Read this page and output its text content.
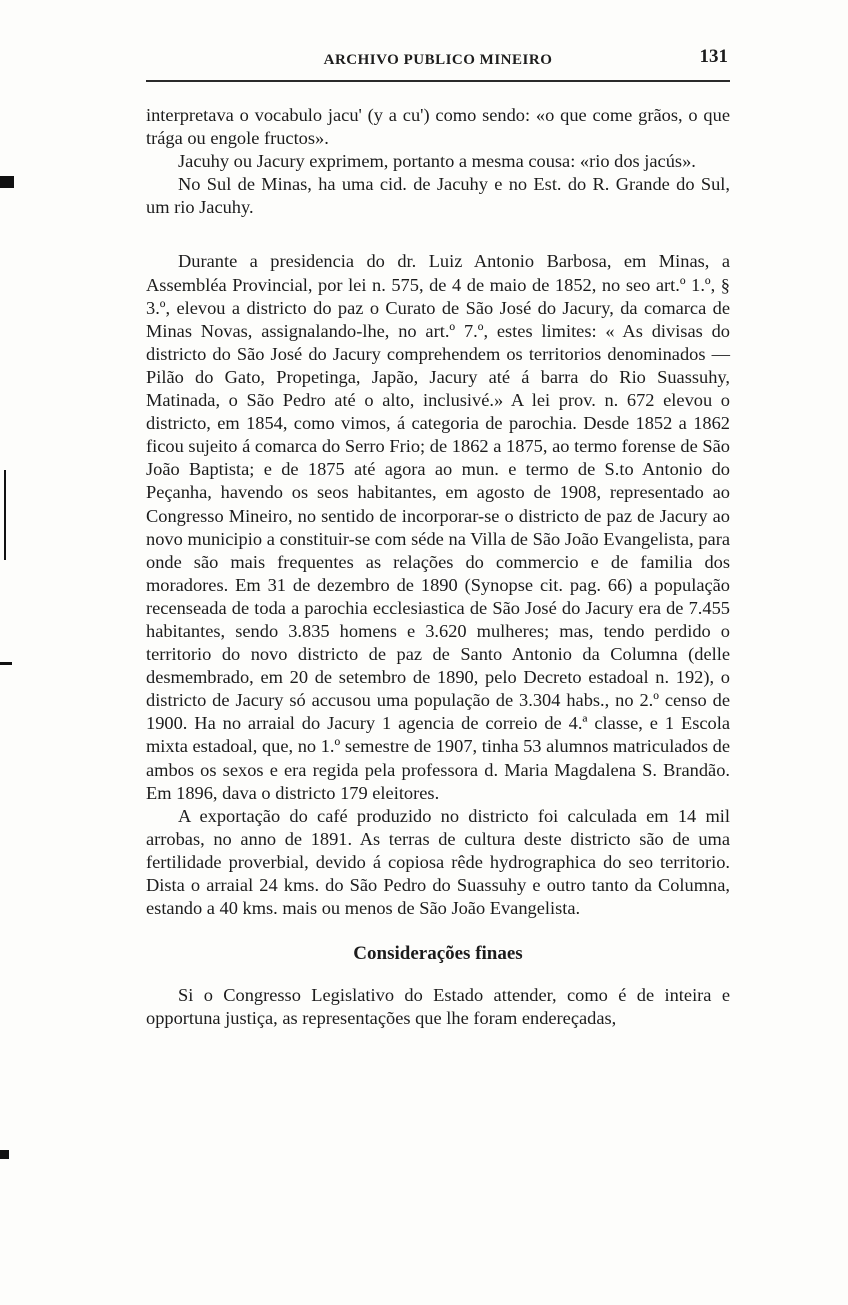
ARCHIVO PUBLICO MINEIRO	131

interpretava o vocabulo jacu' (y a cu') como sendo: «o que come grãos, o que trága ou engole fructos».

Jacuhy ou Jacury exprimem, portanto a mesma cousa: «rio dos jacús».

No Sul de Minas, ha uma cid. de Jacuhy e no Est. do R. Grande do Sul, um rio Jacuhy.

Durante a presidencia do dr. Luiz Antonio Barbosa, em Minas, a Assembléa Provincial, por lei n. 575, de 4 de maio de 1852, no seo art.º 1.º, § 3.º, elevou a districto do paz o Curato de São José do Jacury, da comarca de Minas Novas, assignalando-lhe, no art.º 7.º, estes limites: « As divisas do districto do São José do Jacury comprehendem os territorios denominados — Pilão do Gato, Propetinga, Japão, Jacury até á barra do Rio Suassuhy, Matinada, o São Pedro até o alto, inclusivé.» A lei prov. n. 672 elevou o districto, em 1854, como vimos, á categoria de parochia. Desde 1852 a 1862 ficou sujeito á comarca do Serro Frio; de 1862 a 1875, ao termo forense de São João Baptista; e de 1875 até agora ao mun. e termo de S.to Antonio do Peçanha, havendo os seos habitantes, em agosto de 1908, representado ao Congresso Mineiro, no sentido de incorporar-se o districto de paz de Jacury ao novo municipio a constituir-se com séde na Villa de São João Evangelista, para onde são mais frequentes as relações do commercio e de familia dos moradores. Em 31 de dezembro de 1890 (Synopse cit. pag. 66) a população recenseada de toda a parochia ecclesiastica de São José do Jacury era de 7.455 habitantes, sendo 3.835 homens e 3.620 mulheres; mas, tendo perdido o territorio do novo districto de paz de Santo Antonio da Columna (delle desmembrado, em 20 de setembro de 1890, pelo Decreto estadoal n. 192), o districto de Jacury só accusou uma população de 3.304 habs., no 2.º censo de 1900. Ha no arraial do Jacury 1 agencia de correio de 4.ª classe, e 1 Escola mixta estadoal, que, no 1.º semestre de 1907, tinha 53 alumnos matriculados de ambos os sexos e era regida pela professora d. Maria Magdalena S. Brandão. Em 1896, dava o districto 179 eleitores.

A exportação do café produzido no districto foi calculada em 14 mil arrobas, no anno de 1891. As terras de cultura deste districto são de uma fertilidade proverbial, devido á copiosa rêde hydrographica do seo territorio. Dista o arraial 24 kms. do São Pedro do Suassuhy e outro tanto da Columna, estando a 40 kms. mais ou menos de São João Evangelista.

Considerações finaes

Si o Congresso Legislativo do Estado attender, como é de inteira e opportuna justiça, as representações que lhe foram endereçadas,
